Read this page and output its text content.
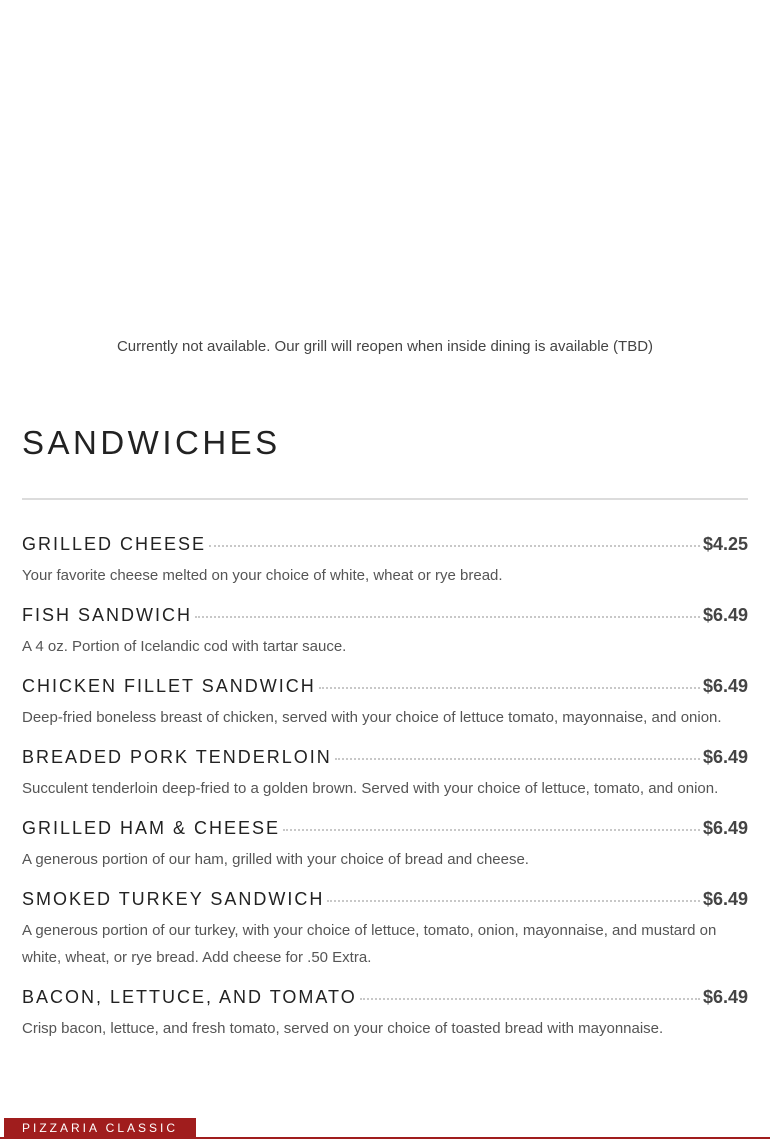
Currently not available. Our grill will reopen when inside dining is available (TBD)
SANDWICHES
GRILLED CHEESE	$4.25
Your favorite cheese melted on your choice of white, wheat or rye bread.
FISH SANDWICH	$6.49
A 4 oz. Portion of Icelandic cod with tartar sauce.
CHICKEN FILLET SANDWICH	$6.49
Deep-fried boneless breast of chicken, served with your choice of lettuce tomato, mayonnaise, and onion.
BREADED PORK TENDERLOIN	$6.49
Succulent tenderloin deep-fried to a golden brown. Served with your choice of lettuce, tomato, and onion.
GRILLED HAM & CHEESE	$6.49
A generous portion of our ham, grilled with your choice of bread and cheese.
SMOKED TURKEY SANDWICH	$6.49
A generous portion of our turkey, with your choice of lettuce, tomato, onion, mayonnaise, and mustard on white, wheat, or rye bread. Add cheese for .50 Extra.
BACON, LETTUCE, AND TOMATO	$6.49
Crisp bacon, lettuce, and fresh tomato, served on your choice of toasted bread with mayonnaise.
PIZZARIA CLASSIC
